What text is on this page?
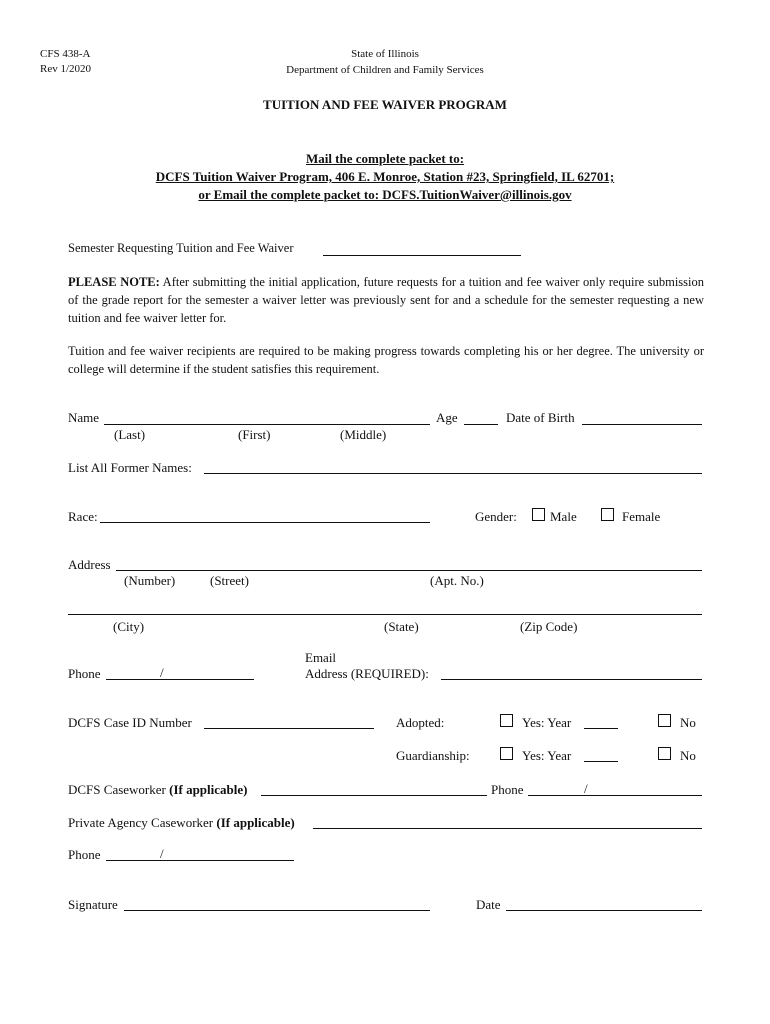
CFS 438-A
Rev 1/2020
State of Illinois
Department of Children and Family Services
TUITION AND FEE WAIVER PROGRAM
Mail the complete packet to:
DCFS Tuition Waiver Program, 406 E. Monroe, Station #23, Springfield, IL 62701;
or Email the complete packet to: DCFS.TuitionWaiver@illinois.gov
Semester Requesting Tuition and Fee Waiver
PLEASE NOTE: After submitting the initial application, future requests for a tuition and fee waiver only require submission of the grade report for the semester a waiver letter was previously sent for and a schedule for the semester requesting a new tuition and fee waiver letter for.
Tuition and fee waiver recipients are required to be making progress towards completing his or her degree. The university or college will determine if the student satisfies this requirement.
Name	Age	Date of Birth
(Last)	(First)	(Middle)
List All Former Names:
Race:	Gender:	Male	Female
Address
(Number)	(Street)	(Apt. No.)
(City)	(State)	(Zip Code)
Phone	/
Email
Address (REQUIRED):
DCFS Case ID Number	Adopted:	Yes: Year	No
Guardianship:	Yes: Year	No
DCFS Caseworker (If applicable)	Phone	/
Private Agency Caseworker (If applicable)
Phone	/
Signature	Date
